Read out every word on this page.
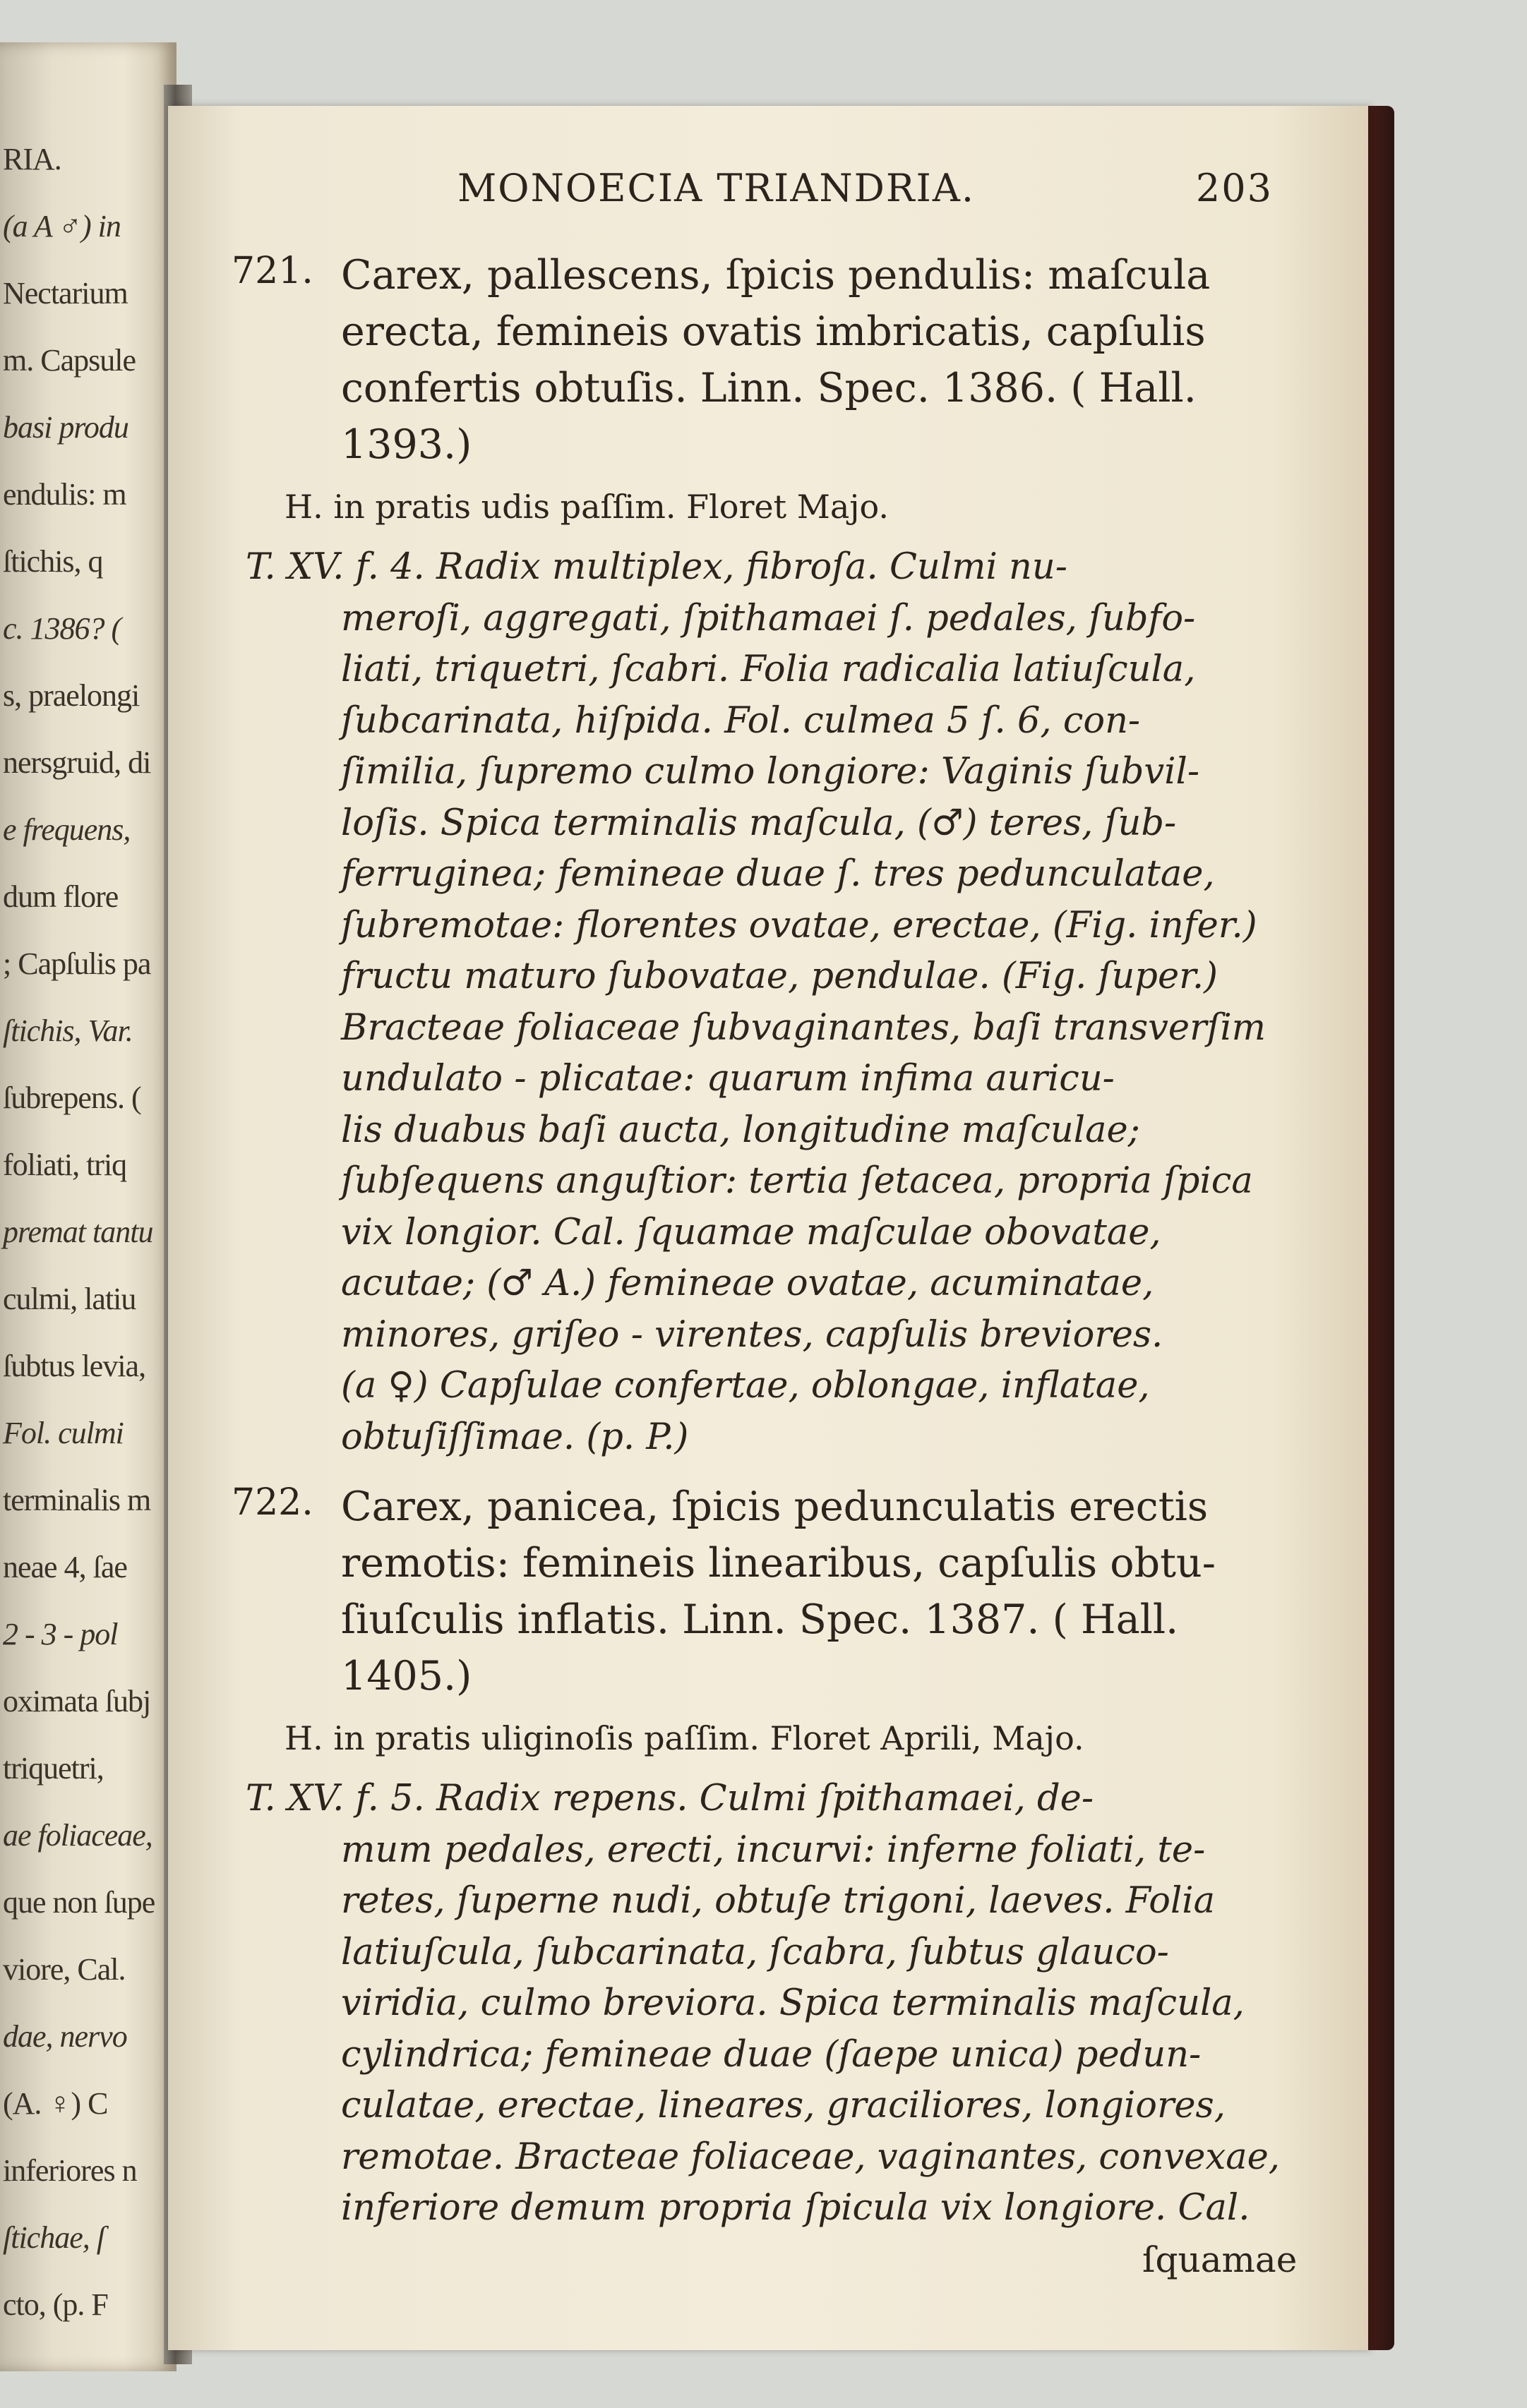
RIA.
(a A ♂) in
Nectarium
m. Capsule
basi produ
endulis: m
ſtichis, q
c. 1386? (
s, praelongi
nersgruid, di
e frequens,
dum flore
; Capſulis pa
ſtichis, Var.
ſubrepens. (
foliati, triq
premat tantu
culmi, latiu
ſubtus levia,
Fol. culmi
terminalis m
neae 4, ſae
2 - 3 - pol
oximata ſubj
triquetri,
ae foliaceae,
que non ſupe
viore, Cal.
dae, nervo
(A. ♀) C
inferiores n
ſtichae, ſ
cto, (p. F
MONOECIA TRIANDRIA.	203
721. Carex, pallescens, ſpicis pendulis: maſcula
erecta, femineis ovatis imbricatis, capſulis
confertis obtuſis. Linn. Spec. 1386. ( Hall.
1393.)
H. in pratis udis paſſim. Floret Majo.
T. XV. f. 4. Radix multiplex, fibroſa. Culmi nu-
meroſi, aggregati, ſpithamaei ſ. pedales, ſubfo-
liati, triquetri, ſcabri. Folia radicalia latiuſcula,
ſubcarinata, hiſpida. Fol. culmea 5 ſ. 6, con-
ſimilia, ſupremo culmo longiore: Vaginis ſubvil-
loſis. Spica terminalis maſcula, (♂) teres, ſub-
ferruginea; femineae duae ſ. tres pedunculatae,
ſubremotae: florentes ovatae, erectae, (Fig. infer.)
fructu maturo ſubovatae, pendulae. (Fig. ſuper.)
Bracteae foliaceae ſubvaginantes, baſi transverſim
undulato - plicatae: quarum infima auricu-
lis duabus baſi aucta, longitudine maſculae;
ſubſequens anguſtior: tertia ſetacea, propria ſpica
vix longior. Cal. ſquamae maſculae obovatae,
acutae; (♂ A.) femineae ovatae, acuminatae,
minores, griſeo - virentes, capſulis breviores.
(a ♀) Capſulae confertae, oblongae, inflatae,
obtuſiſſimae. (p. P.)
722. Carex, panicea, ſpicis pedunculatis erectis
remotis: femineis linearibus, capſulis obtu-
ſiuſculis inflatis. Linn. Spec. 1387. ( Hall.
1405.)
H. in pratis uliginoſis paſſim. Floret Aprili, Majo.
T. XV. f. 5. Radix repens. Culmi ſpithamaei, de-
mum pedales, erecti, incurvi: inferne foliati, te-
retes, ſuperne nudi, obtuſe trigoni, laeves. Folia
latiuſcula, ſubcarinata, ſcabra, ſubtus glauco-
viridia, culmo breviora. Spica terminalis maſcula,
cylindrica; femineae duae (ſaepe unica) pedun-
culatae, erectae, lineares, graciliores, longiores,
remotae. Bracteae foliaceae, vaginantes, convexae,
inferiore demum propria ſpicula vix longiore. Cal.
ſquamae
